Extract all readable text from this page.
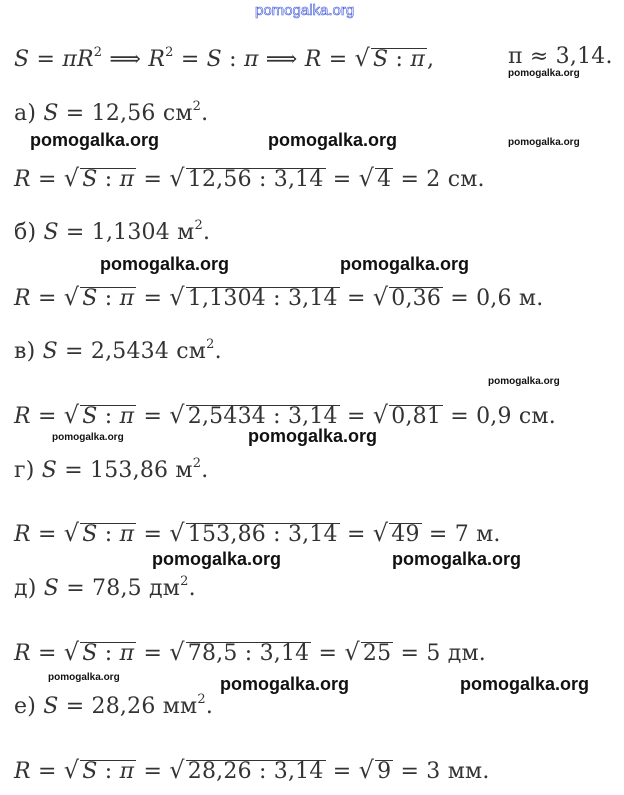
pomogalka.org
$S = \pi R^2$ ⟹ $R^2 = S$ : π ⟹ R = √ S : π,	π ≈ 3,14.
а) S = 12,56 $см^2$.
R = √ S : π = √ 12,56 : 3,14 = √ 4 = 2 см.
б) S = 1,1304 $м^2$.
R = √ S : π = √ 1,1304 : 3,14 = √ 0,36 = 0,6 м.
в) S = 2,5434 $см^2$.
R = √ S : π = √ 2,5434 : 3,14 = √ 0,81 = 0,9 см.
г) S = 153,86 $м^2$.
R = √ S : π = √ 153,86 : 3,14 = √ 49 = 7 м.
д) S = 78,5 $дм^2$.
R = √ S : π = √ 78,5 : 3,14 = √ 25 = 5 дм.
е) S = 28,26 $мм^2$.
R = √ S : π = √ 28,26 : 3,14 = √ 9 = 3 мм.
pomogalka.org
pomogalka.org	pomogalka.org	pomogalka.org
pomogalka.org	pomogalka.org
pomogalka.org
pomogalka.org	pomogalka.org
pomogalka.org	pomogalka.org
pomogalka.org	pomogalka.org	pomogalka.org
